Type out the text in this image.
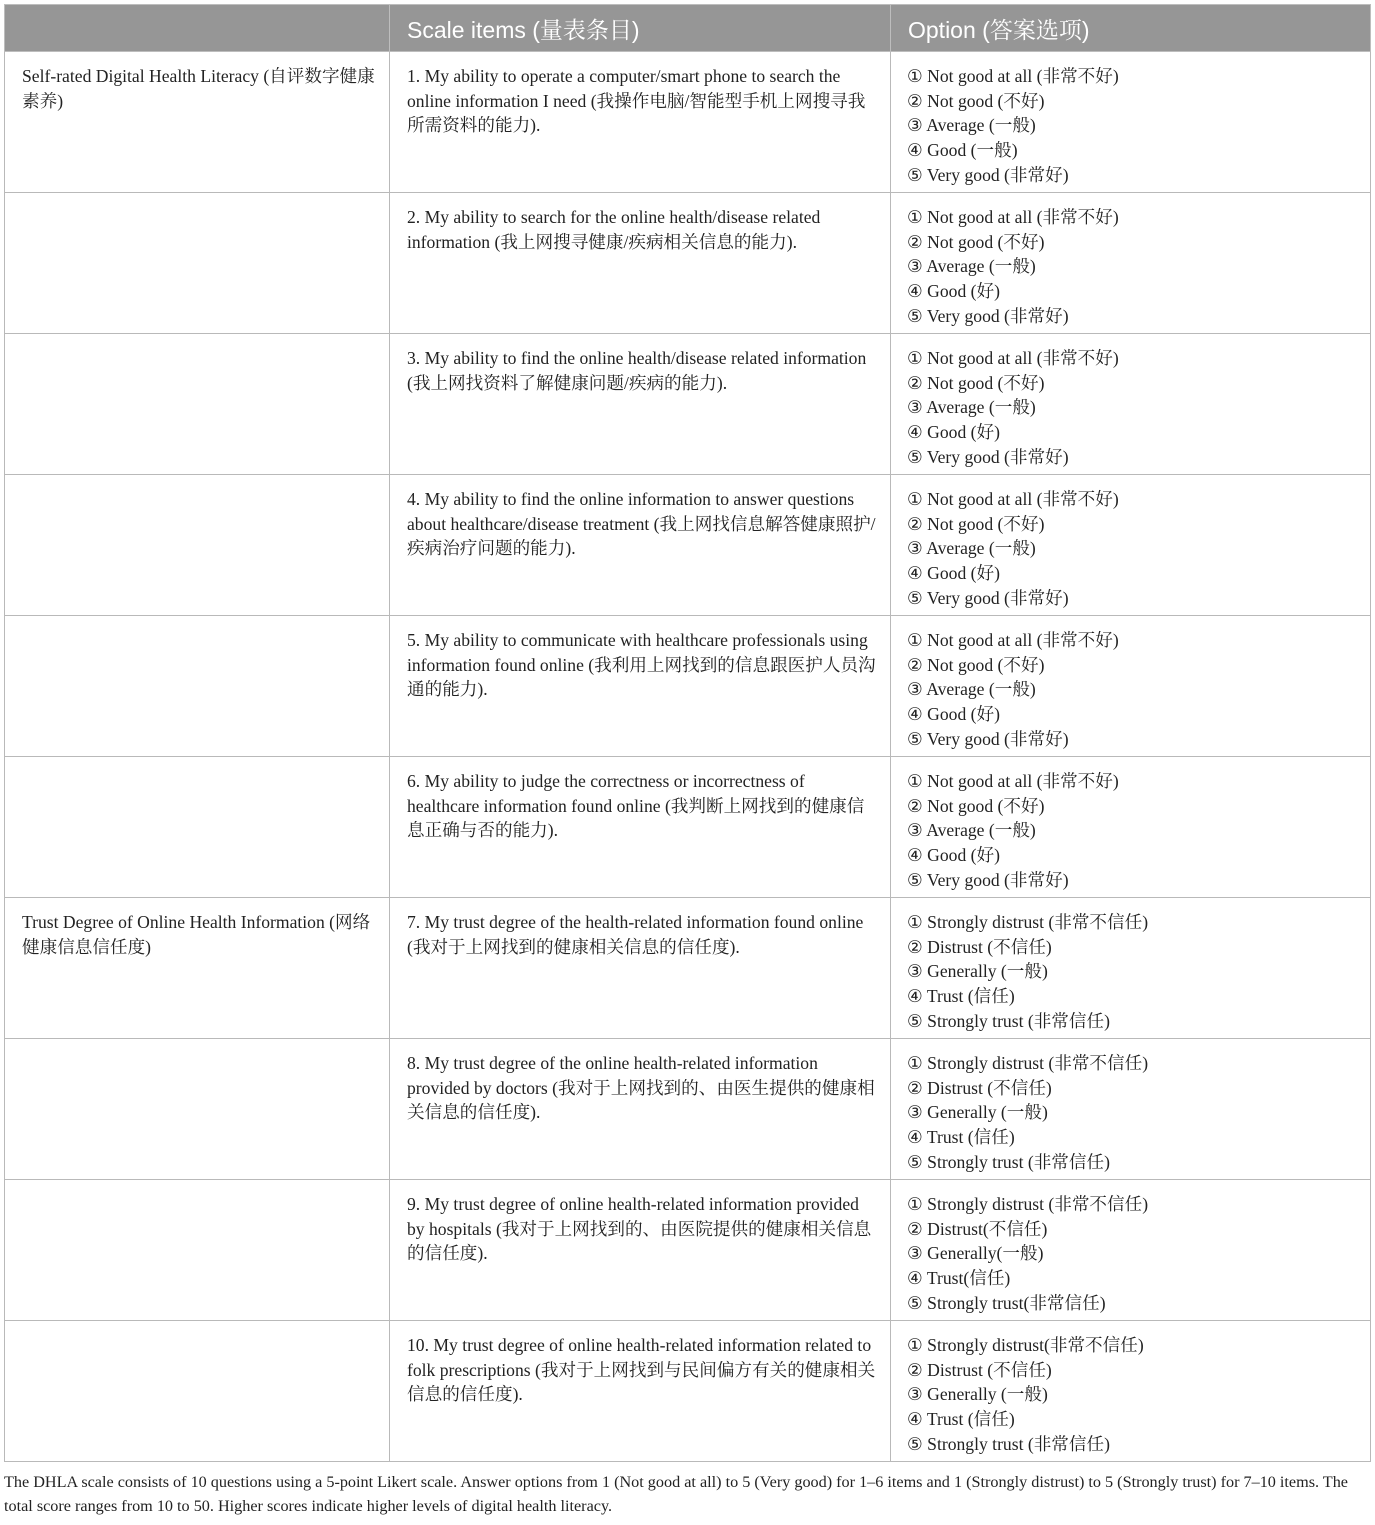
	Scale items (量表条目)	Option (答案选项)
Self-rated Digital Health Literacy (自评数字健康素养)	1. My ability to operate a computer/smart phone to search the online information I need (我操作电脑/智能型手机上网搜寻我所需资料的能力).	① Not good at all (非常不好)
② Not good (不好)
③ Average (一般)
④ Good (一般)
⑤ Very good (非常好)

	2. My ability to search for the online health/disease related information (我上网搜寻健康/疾病相关信息的能力).	① Not good at all (非常不好)
② Not good (不好)
③ Average (一般)
④ Good (好)
⑤ Very good (非常好)

	3. My ability to find the online health/disease related information (我上网找资料了解健康问题/疾病的能力).	① Not good at all (非常不好)
② Not good (不好)
③ Average (一般)
④ Good (好)
⑤ Very good (非常好)

	4. My ability to find the online information to answer questions about healthcare/disease treatment (我上网找信息解答健康照护/疾病治疗问题的能力).	① Not good at all (非常不好)
② Not good (不好)
③ Average (一般)
④ Good (好)
⑤ Very good (非常好)

	5. My ability to communicate with healthcare professionals using information found online (我利用上网找到的信息跟医护人员沟通的能力).	① Not good at all (非常不好)
② Not good (不好)
③ Average (一般)
④ Good (好)
⑤ Very good (非常好)

	6. My ability to judge the correctness or incorrectness of healthcare information found online (我判断上网找到的健康信息正确与否的能力).	① Not good at all (非常不好)
② Not good (不好)
③ Average (一般)
④ Good (好)
⑤ Very good (非常好)

Trust Degree of Online Health Information (网络健康信息信任度)	7. My trust degree of the health-related information found online (我对于上网找到的健康相关信息的信任度).	① Strongly distrust (非常不信任)
② Distrust (不信任)
③ Generally (一般)
④ Trust (信任)
⑤ Strongly trust (非常信任)

	8. My trust degree of the online health-related information provided by doctors (我对于上网找到的、由医生提供的健康相关信息的信任度).	① Strongly distrust (非常不信任)
② Distrust (不信任)
③ Generally (一般)
④ Trust (信任)
⑤ Strongly trust (非常信任)

	9. My trust degree of online health-related information provided by hospitals (我对于上网找到的、由医院提供的健康相关信息的信任度).	① Strongly distrust (非常不信任)
② Distrust(不信任)
③ Generally(一般)
④ Trust(信任)
⑤ Strongly trust(非常信任)

	10. My trust degree of online health-related information related to folk prescriptions (我对于上网找到与民间偏方有关的健康相关信息的信任度).	① Strongly distrust(非常不信任)
② Distrust (不信任)
③ Generally (一般)
④ Trust (信任)
⑤ Strongly trust (非常信任)
The DHLA scale consists of 10 questions using a 5-point Likert scale. Answer options from 1 (Not good at all) to 5 (Very good) for 1–6 items and 1 (Strongly distrust) to 5 (Strongly trust) for 7–10 items. The total score ranges from 10 to 50. Higher scores indicate higher levels of digital health literacy.
